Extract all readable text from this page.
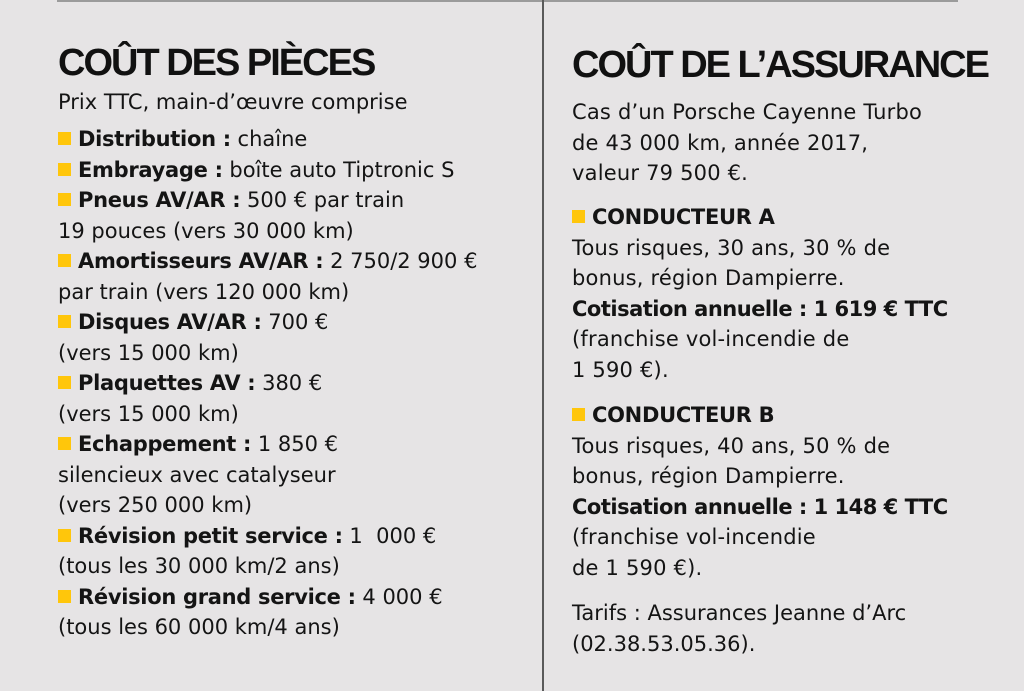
COÛT DES PIÈCES
Prix TTC, main-d’œuvre comprise
Distribution : chaîne
Embrayage : boîte auto Tiptronic S
Pneus AV/AR : 500 € par train
19 pouces (vers 30 000 km)
Amortisseurs AV/AR : 2 750/2 900 €
par train (vers 120 000 km)
Disques AV/AR : 700 €
(vers 15 000 km)
Plaquettes AV : 380 €
(vers 15 000 km)
Echappement : 1 850 €
silencieux avec catalyseur
(vers 250 000 km)
Révision petit service : 1  000 €
(tous les 30 000 km/2 ans)
Révision grand service : 4 000 €
(tous les 60 000 km/4 ans)
COÛT DE L’ASSURANCE
Cas d’un Porsche Cayenne Turbo
de 43 000 km, année 2017,
valeur 79 500 €.
CONDUCTEUR A
Tous risques, 30 ans, 30 % de
bonus, région Dampierre.
Cotisation annuelle : 1 619 € TTC
(franchise vol-incendie de
1 590 €).
CONDUCTEUR B
Tous risques, 40 ans, 50 % de
bonus, région Dampierre.
Cotisation annuelle : 1 148 € TTC
(franchise vol-incendie
de 1 590 €).
Tarifs : Assurances Jeanne d’Arc
(02.38.53.05.36).
